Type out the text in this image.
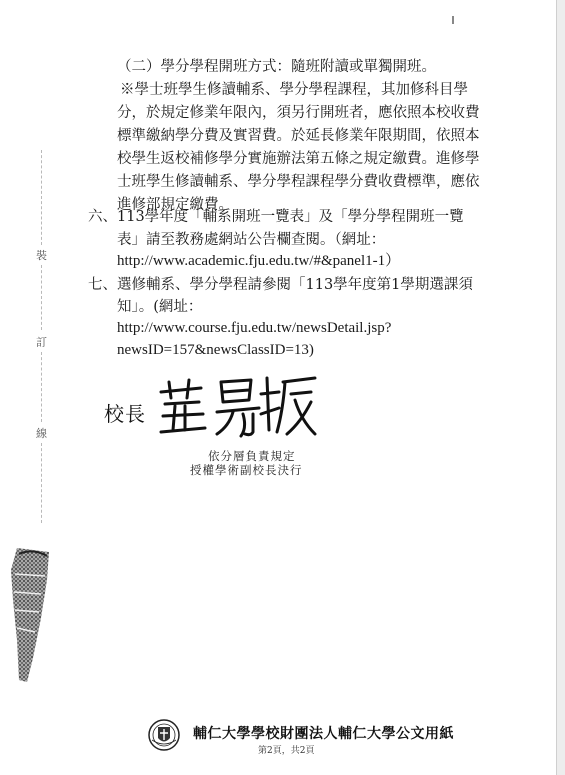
裝
訂
線
（二）學分學程開班方式：隨班附讀或單獨開班。
※學士班學生修讀輔系、學分學程課程，其加修科目學
分，於規定修業年限內，須另行開班者，應依照本校收費
標準繳納學分費及實習費。於延長修業年限期間，依照本
校學生返校補修學分實施辦法第五條之規定繳費。進修學
士班學生修讀輔系、學分學程課程學分費收費標準，應依
進修部規定繳費。
六、113學年度「輔系開班一覽表」及「學分學程開班一覽
表」請至教務處網站公告欄查閱。（網址：
http://www.academic.fju.edu.tw/#&panel1-1）
七、選修輔系、學分學程請參閱「113學年度第1學期選課須
知」。(網址：
http://www.course.fju.edu.tw/newsDetail.jsp?
newsID=157&newsClassID=13)
校長
依分層負責規定
授權學術副校長決行
輔仁大學學校財團法人輔仁大學公文用紙
第2頁，共2頁
